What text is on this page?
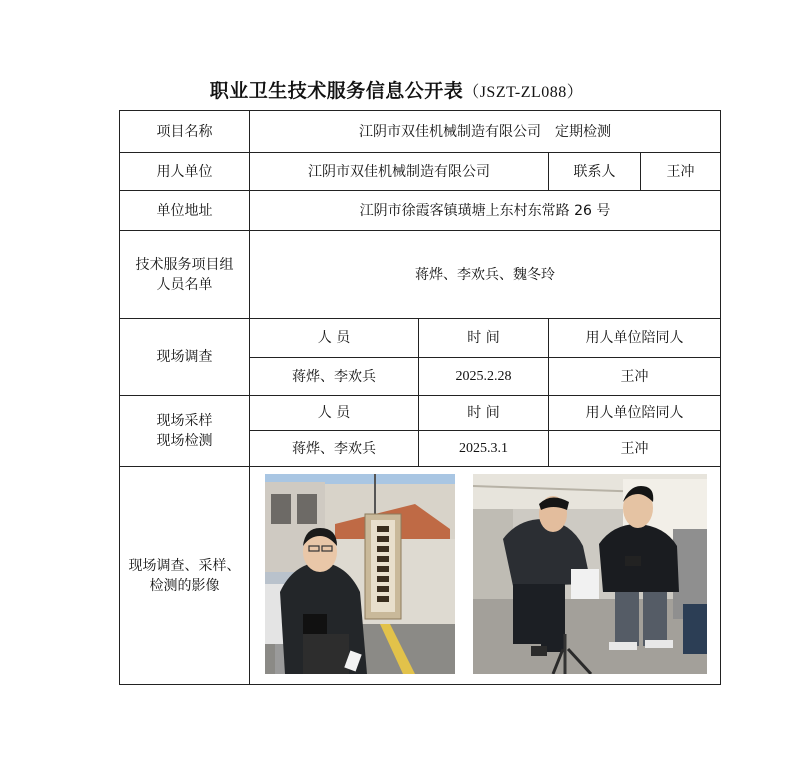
职业卫生技术服务信息公开表（JSZT-ZL088）
项目名称	江阴市双佳机械制造有限公司　定期检测			
用人单位	江阴市双佳机械制造有限公司		联系人	王冲
单位地址	江阴市徐霞客镇璜塘上东村东常路 26 号			
技术服务项目组人员名单	蒋烨、李欢兵、魏冬玲			
现场调查	人 员	时 间	用人单位陪同人	
	蒋烨、李欢兵	2025.2.28	王冲	
现场采样现场检测	人 员	时 间	用人单位陪同人	
	蒋烨、李欢兵	2025.3.1	王冲	
现场调查、采样、检测的影像	
